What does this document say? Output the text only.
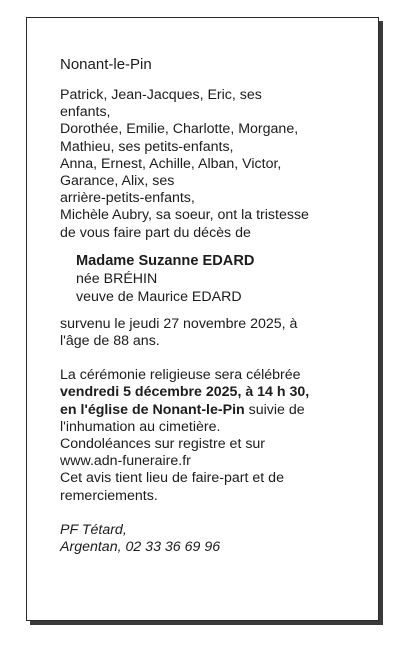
Nonant-le-Pin
Patrick, Jean-Jacques, Eric, ses
enfants,
Dorothée, Emilie, Charlotte, Morgane,
Mathieu, ses petits-enfants,
Anna, Ernest, Achille, Alban, Victor,
Garance, Alix, ses
arrière-petits-enfants,
Michèle Aubry, sa soeur, ont la tristesse
de vous faire part du décès de
Madame Suzanne EDARD
née BRÉHIN
veuve de Maurice EDARD
survenu le jeudi 27 novembre 2025, à
l'âge de 88 ans.
La cérémonie religieuse sera célébrée
vendredi 5 décembre 2025, à 14 h 30,
en l'église de Nonant-le-Pin suivie de
l'inhumation au cimetière.
Condoléances sur registre et sur
www.adn-funeraire.fr
Cet avis tient lieu de faire-part et de
remerciements.
PF Tétard,
Argentan, 02 33 36 69 96
